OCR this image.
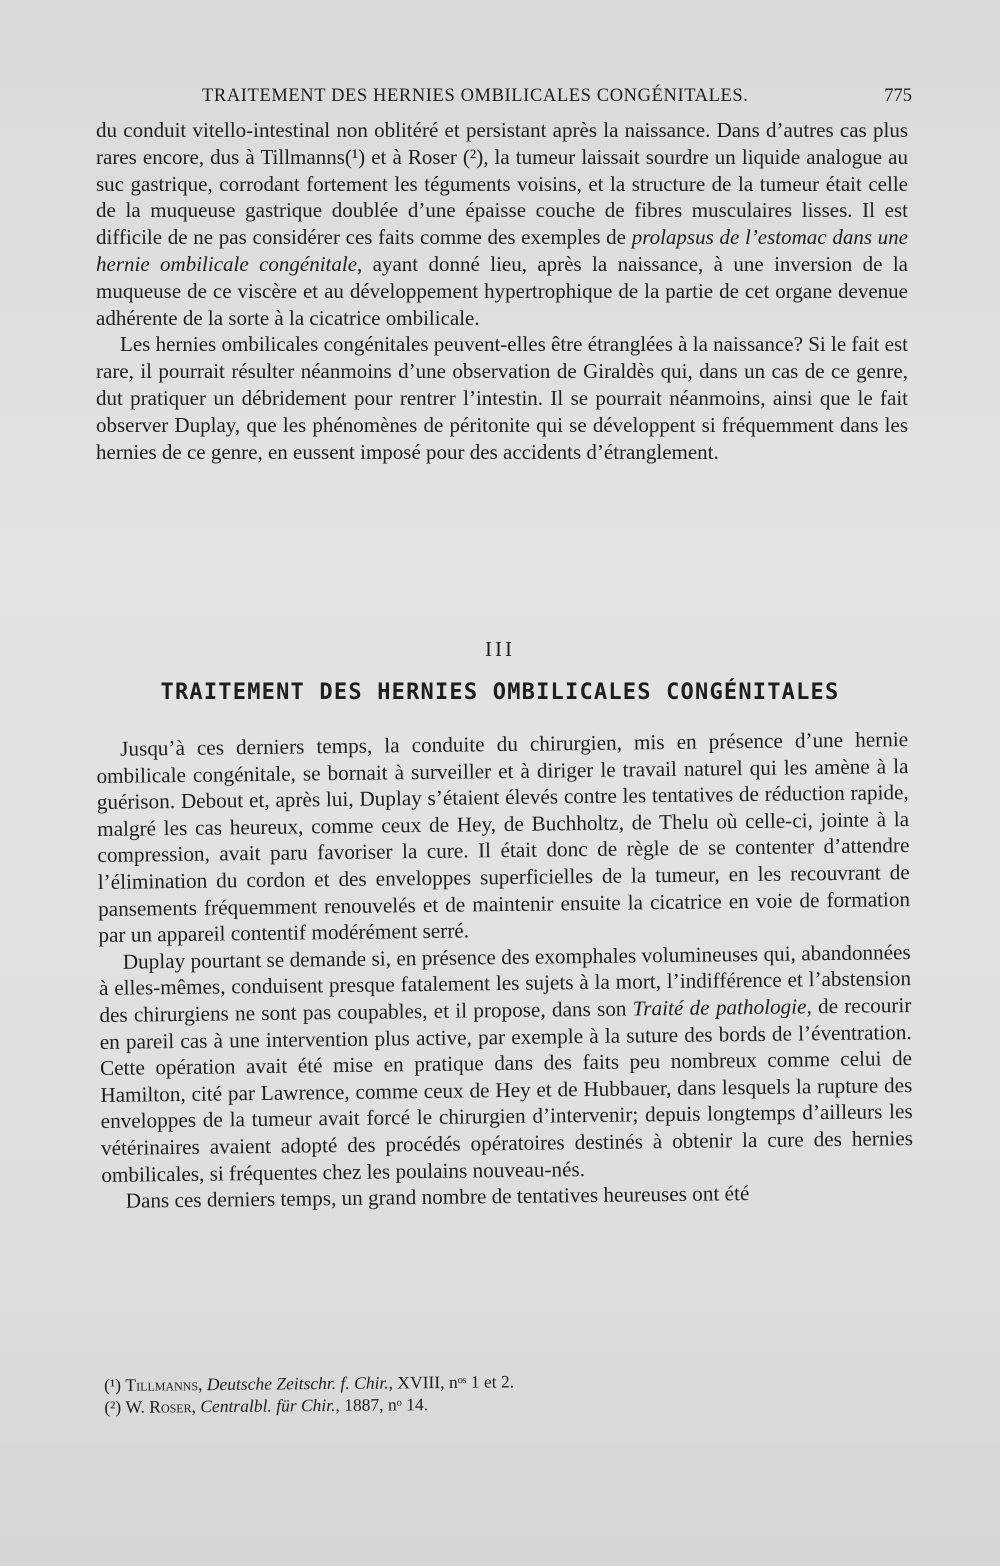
TRAITEMENT DES HERNIES OMBILICALES CONGÉNITALES.	775

du conduit vitello-intestinal non oblitéré et persistant après la naissance. Dans d’autres cas plus rares encore, dus à Tillmanns(¹) et à Roser (²), la tumeur laissait sourdre un liquide analogue au suc gastrique, corrodant fortement les téguments voisins, et la structure de la tumeur était celle de la muqueuse gastrique doublée d’une épaisse couche de fibres musculaires lisses. Il est difficile de ne pas considérer ces faits comme des exemples de prolapsus de l’estomac dans une hernie ombilicale congénitale, ayant donné lieu, après la naissance, à une inversion de la muqueuse de ce viscère et au développement hypertrophique de la partie de cet organe devenue adhérente de la sorte à la cicatrice ombilicale.

Les hernies ombilicales congénitales peuvent-elles être étranglées à la naissance? Si le fait est rare, il pourrait résulter néanmoins d’une observation de Giraldès qui, dans un cas de ce genre, dut pratiquer un débridement pour rentrer l’intestin. Il se pourrait néanmoins, ainsi que le fait observer Duplay, que les phénomènes de péritonite qui se développent si fréquemment dans les hernies de ce genre, en eussent imposé pour des accidents d’étranglement.

III
TRAITEMENT DES HERNIES OMBILICALES CONGÉNITALES

Jusqu’à ces derniers temps, la conduite du chirurgien, mis en présence d’une hernie ombilicale congénitale, se bornait à surveiller et à diriger le travail naturel qui les amène à la guérison. Debout et, après lui, Duplay s’étaient élevés contre les tentatives de réduction rapide, malgré les cas heureux, comme ceux de Hey, de Buchholtz, de Thelu où celle-ci, jointe à la compression, avait paru favoriser la cure. Il était donc de règle de se contenter d’attendre l’élimination du cordon et des enveloppes superficielles de la tumeur, en les recouvrant de pansements fréquemment renouvelés et de maintenir ensuite la cicatrice en voie de formation par un appareil contentif modérément serré.

Duplay pourtant se demande si, en présence des exomphales volumineuses qui, abandonnées à elles-mêmes, conduisent presque fatalement les sujets à la mort, l’indifférence et l’abstension des chirurgiens ne sont pas coupables, et il propose, dans son Traité de pathologie, de recourir en pareil cas à une intervention plus active, par exemple à la suture des bords de l’éventration. Cette opération avait été mise en pratique dans des faits peu nombreux comme celui de Hamilton, cité par Lawrence, comme ceux de Hey et de Hubbauer, dans lesquels la rupture des enveloppes de la tumeur avait forcé le chirurgien d’intervenir; depuis longtemps d’ailleurs les vétérinaires avaient adopté des procédés opératoires destinés à obtenir la cure des hernies ombilicales, si fréquentes chez les poulains nouveau-nés.

Dans ces derniers temps, un grand nombre de tentatives heureuses ont été

(¹) Tillmanns, Deutsche Zeitschr. f. Chir., XVIII, nᵒˢ 1 et 2.

(²) W. Roser, Centralbl. für Chir., 1887, nᵒ 14.
